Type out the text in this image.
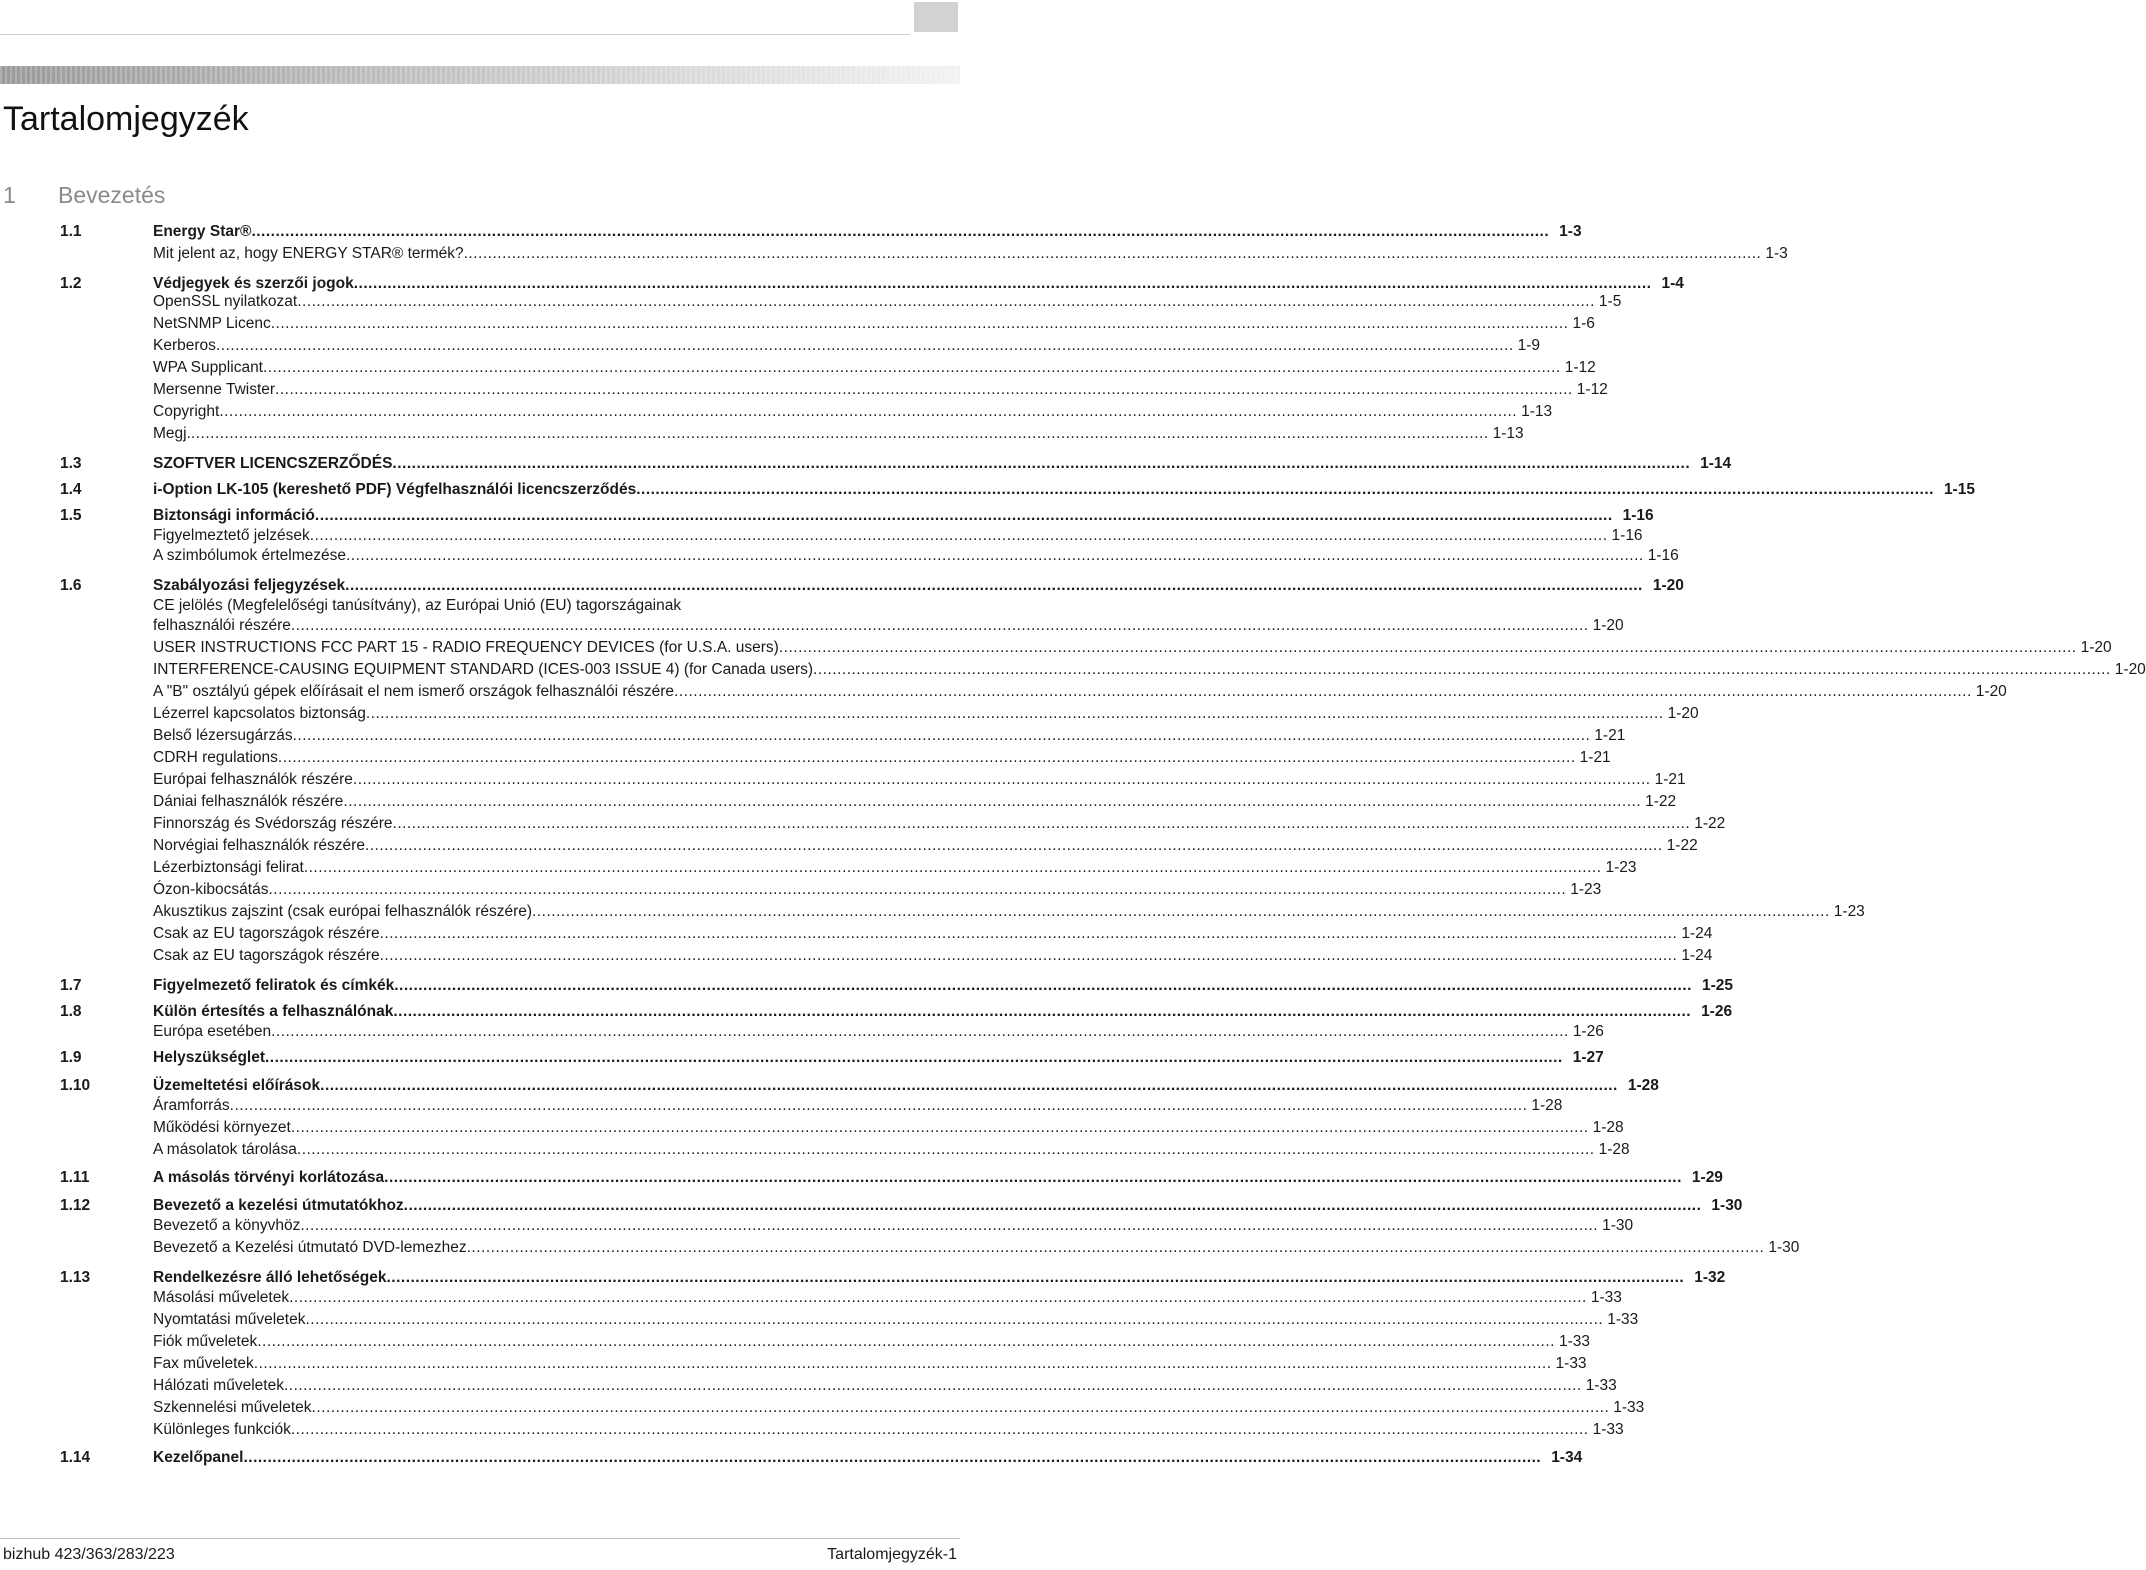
Tartalomjegyzék
1 Bevezetés
1.1	Energy Star® .....	1-3
Mit jelent az, hogy ENERGY STAR® termék? .....	1-3
1.2	Védjegyek és szerzői jogok .....	1-4
OpenSSL nyilatkozat .....	1-5
NetSNMP Licenc .....	1-6
Kerberos .....	1-9
WPA Supplicant .....	1-12
Mersenne Twister .....	1-12
Copyright .....	1-13
Megj. .....	1-13
1.3	SZOFTVER LICENCSZERZŐDÉS .....	1-14
1.4	i-Option LK-105 (kereshető PDF) Végfelhasználói licencszerződés .....	1-15
1.5	Biztonsági információ .....	1-16
Figyelmeztető jelzések .....	1-16
A szimbólumok értelmezése .....	1-16
1.6	Szabályozási feljegyzések .....	1-20
CE jelölés (Megfelelőségi tanúsítvány), az Európai Unió (EU) tagországainak
felhasználói részére .....	1-20
USER INSTRUCTIONS FCC PART 15 - RADIO FREQUENCY DEVICES (for U.S.A. users) .....	1-20
INTERFERENCE-CAUSING EQUIPMENT STANDARD (ICES-003 ISSUE 4) (for Canada users) .....	1-20
A "B" osztályú gépek előírásait el nem ismerő országok felhasználói részére .....	1-20
Lézerrel kapcsolatos biztonság .....	1-20
Belső lézersugárzás .....	1-21
CDRH regulations .....	1-21
Európai felhasználók részére .....	1-21
Dániai felhasználók részére .....	1-22
Finnország és Svédország részére .....	1-22
Norvégiai felhasználók részére .....	1-22
Lézerbiztonsági felirat .....	1-23
Ózon-kibocsátás .....	1-23
Akusztikus zajszint (csak európai felhasználók részére) .....	1-23
Csak az EU tagországok részére .....	1-24
Csak az EU tagországok részére .....	1-24
1.7	Figyelmezető feliratok és címkék .....	1-25
1.8	Külön értesítés a felhasználónak .....	1-26
Európa esetében .....	1-26
1.9	Helyszükséglet .....	1-27
1.10	Üzemeltetési előírások .....	1-28
Áramforrás .....	1-28
Működési környezet .....	1-28
A másolatok tárolása .....	1-28
1.11	A másolás törvényi korlátozása .....	1-29
1.12	Bevezető a kezelési útmutatókhoz .....	1-30
Bevezető a könyvhöz .....	1-30
Bevezető a Kezelési útmutató DVD-lemezhez .....	1-30
1.13	Rendelkezésre álló lehetőségek .....	1-32
Másolási műveletek .....	1-33
Nyomtatási műveletek .....	1-33
Fiók műveletek .....	1-33
Fax műveletek .....	1-33
Hálózati műveletek .....	1-33
Szkennelési műveletek .....	1-33
Különleges funkciók .....	1-33
1.14	Kezelőpanel .....	1-34
bizhub 423/363/283/223	Tartalomjegyzék-1
